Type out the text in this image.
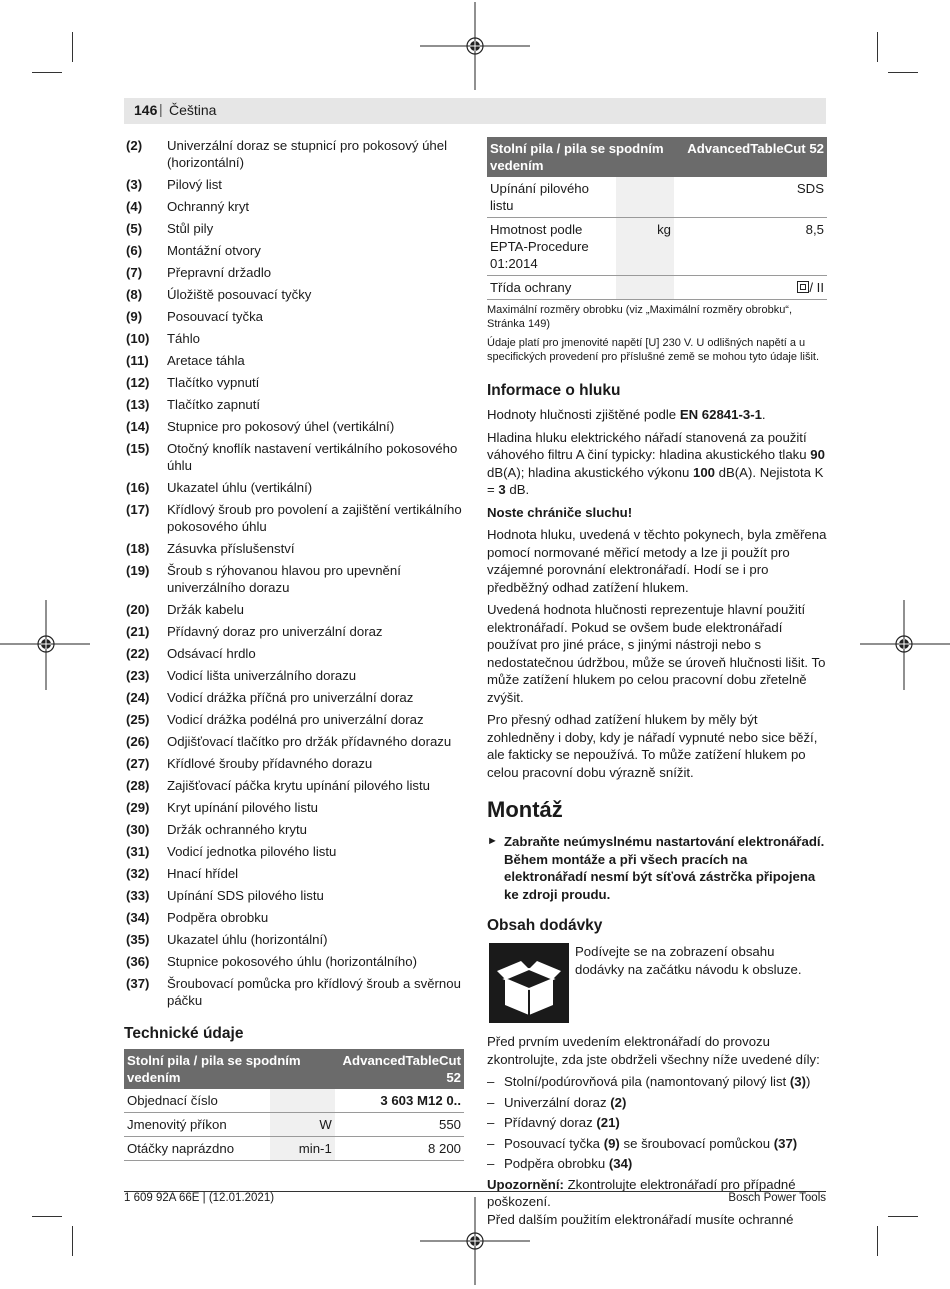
146 | Čeština
(2) Univerzální doraz se stupnicí pro pokosový úhel (horizontální)
(3) Pilový list
(4) Ochranný kryt
(5) Stůl pily
(6) Montážní otvory
(7) Přepravní držadlo
(8) Úložiště posouvací tyčky
(9) Posouvací tyčka
(10) Táhlo
(11) Aretace táhla
(12) Tlačítko vypnutí
(13) Tlačítko zapnutí
(14) Stupnice pro pokosový úhel (vertikální)
(15) Otočný knoflík nastavení vertikálního pokosového úhlu
(16) Ukazatel úhlu (vertikální)
(17) Křídlový šroub pro povolení a zajištění vertikálního pokosového úhlu
(18) Zásuvka příslušenství
(19) Šroub s rýhovanou hlavou pro upevnění univerzálního dorazu
(20) Držák kabelu
(21) Přídavný doraz pro univerzální doraz
(22) Odsávací hrdlo
(23) Vodicí lišta univerzálního dorazu
(24) Vodicí drážka příčná pro univerzální doraz
(25) Vodicí drážka podélná pro univerzální doraz
(26) Odjišťovací tlačítko pro držák přídavného dorazu
(27) Křídlové šrouby přídavného dorazu
(28) Zajišťovací páčka krytu upínání pilového listu
(29) Kryt upínání pilového listu
(30) Držák ochranného krytu
(31) Vodicí jednotka pilového listu
(32) Hnací hřídel
(33) Upínání SDS pilového listu
(34) Podpěra obrobku
(35) Ukazatel úhlu (horizontální)
(36) Stupnice pokosového úhlu (horizontálního)
(37) Šroubovací pomůcka pro křídlový šroub a svěrnou páčku
Technické údaje
Stolní pila / pila se spodním vedením		AdvancedTableCut 52
Objednací číslo		3 603 M12 0..
Jmenovitý příkon	W	550
Otáčky naprázdno	min-1	8 200
Stolní pila / pila se spodním vedením		AdvancedTableCut 52
Upínání pilového listu		SDS
Hmotnost podle EPTA-Procedure 01:2014	kg	8,5
Třída ochrany		/ II

Maximální rozměry obrobku (viz „Maximální rozměry obrobku“, Stránka 149)

Údaje platí pro jmenovité napětí [U] 230 V. U odlišných napětí a u specifických provedení pro příslušné země se mohou tyto údaje lišit.

Informace o hluku

Hodnoty hlučnosti zjištěné podle EN 62841-3-1.

Hladina hluku elektrického nářadí stanovená za použití váhového filtru A činí typicky: hladina akustického tlaku 90 dB(A); hladina akustického výkonu 100 dB(A). Nejistota K = 3 dB.

Noste chrániče sluchu!

Hodnota hluku, uvedená v těchto pokynech, byla změřena pomocí normované měřicí metody a lze ji použít pro vzájemné porovnání elektronářadí. Hodí se i pro předběžný odhad zatížení hlukem.

Uvedená hodnota hlučnosti reprezentuje hlavní použití elektronářadí. Pokud se ovšem bude elektronářadí používat pro jiné práce, s jinými nástroji nebo s nedostatečnou údržbou, může se úroveň hlučnosti lišit. To může zatížení hlukem po celou pracovní dobu zřetelně zvýšit.

Pro přesný odhad zatížení hlukem by měly být zohledněny i doby, kdy je nářadí vypnuté nebo sice běží, ale fakticky se nepoužívá. To může zatížení hlukem po celou pracovní dobu výrazně snížit.

Montáž
► Zabraňte neúmyslnému nastartování elektronářadí. Během montáže a při všech pracích na elektronářadí nesmí být síťová zástrčka připojena ke zdroji proudu.
Obsah dodávky
Podívejte se na zobrazení obsahu dodávky na začátku návodu k obsluze.

Před prvním uvedením elektronářadí do provozu zkontrolujte, zda jste obdrželi všechny níže uvedené díly:

– Stolní/podúrovňová pila (namontovaný pilový list (3))
– Univerzální doraz (2)
– Přídavný doraz (21)
– Posouvací tyčka (9) se šroubovací pomůckou (37)
– Podpěra obrobku (34)

Upozornění: Zkontrolujte elektronářadí pro případné poškození.

Před dalším použitím elektronářadí musíte ochranné

1 609 92A 66E | (12.01.2021)	Bosch Power Tools
